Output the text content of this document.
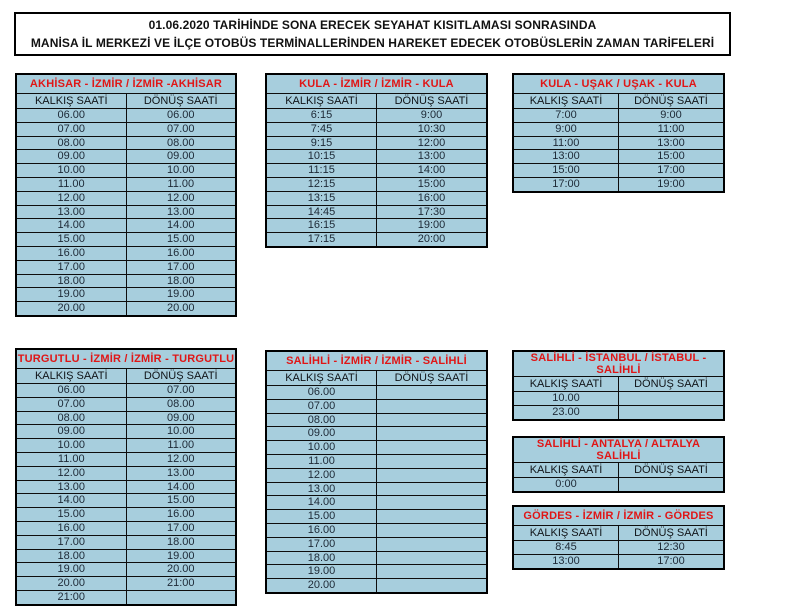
01.06.2020 TARİHİNDE SONA ERECEK SEYAHAT KISITLAMASI SONRASINDA
MANİSA İL MERKEZİ VE İLÇE OTOBÜS TERMİNALLERİNDEN HAREKET EDECEK OTOBÜSLERİN ZAMAN TARİFELERİ
AKHİSAR - İZMİR / İZMİR -AKHİSAR	
KALKIŞ SAATİ	DÖNÜŞ SAATİ
06.00	06.00
07.00	07.00
08.00	08.00
09.00	09.00
10.00	10.00
11.00	11.00
12.00	12.00
13.00	13.00
14.00	14.00
15.00	15.00
16.00	16.00
17.00	17.00
18.00	18.00
19.00	19.00
20.00	20.00
KULA - İZMİR / İZMİR - KULA	
KALKIŞ SAATİ	DÖNÜŞ SAATİ
6:15	9:00
7:45	10:30
9:15	12:00
10:15	13:00
11:15	14:00
12:15	15:00
13:15	16:00
14:45	17:30
16:15	19:00
17:15	20:00
KULA - UŞAK / UŞAK - KULA	
KALKIŞ SAATİ	DÖNÜŞ SAATİ
7:00	9:00
9:00	11:00
11:00	13:00
13:00	15:00
15:00	17:00
17:00	19:00
TURGUTLU - İZMİR / İZMİR - TURGUTLU	
KALKIŞ SAATİ	DÖNÜŞ SAATİ
06.00	07.00
07.00	08.00
08.00	09.00
09.00	10.00
10.00	11.00
11.00	12.00
12.00	13.00
13.00	14.00
14.00	15.00
15.00	16.00
16.00	17.00
17.00	18.00
18.00	19.00
19.00	20.00
20.00	21:00
21:00	
SALİHLİ - İZMİR / İZMİR - SALİHLİ	
KALKIŞ SAATİ	DÖNÜŞ SAATİ
06.00	
07.00	
08.00	
09.00	
10.00	
11.00	
12.00	
13.00	
14.00	
15.00	
16.00	
17.00	
18.00	
19.00	
20.00	
SALİHLİ - İSTANBUL / İSTABUL - SALİHLİ	
KALKIŞ SAATİ	DÖNÜŞ SAATİ
10.00	
23.00	
SALİHLİ - ANTALYA / ALTALYA SALİHLİ	
KALKIŞ SAATİ	DÖNÜŞ SAATİ
0:00	
GÖRDES - İZMİR / İZMİR - GÖRDES	
KALKIŞ SAATİ	DÖNÜŞ SAATİ
8:45	12:30
13:00	17:00
